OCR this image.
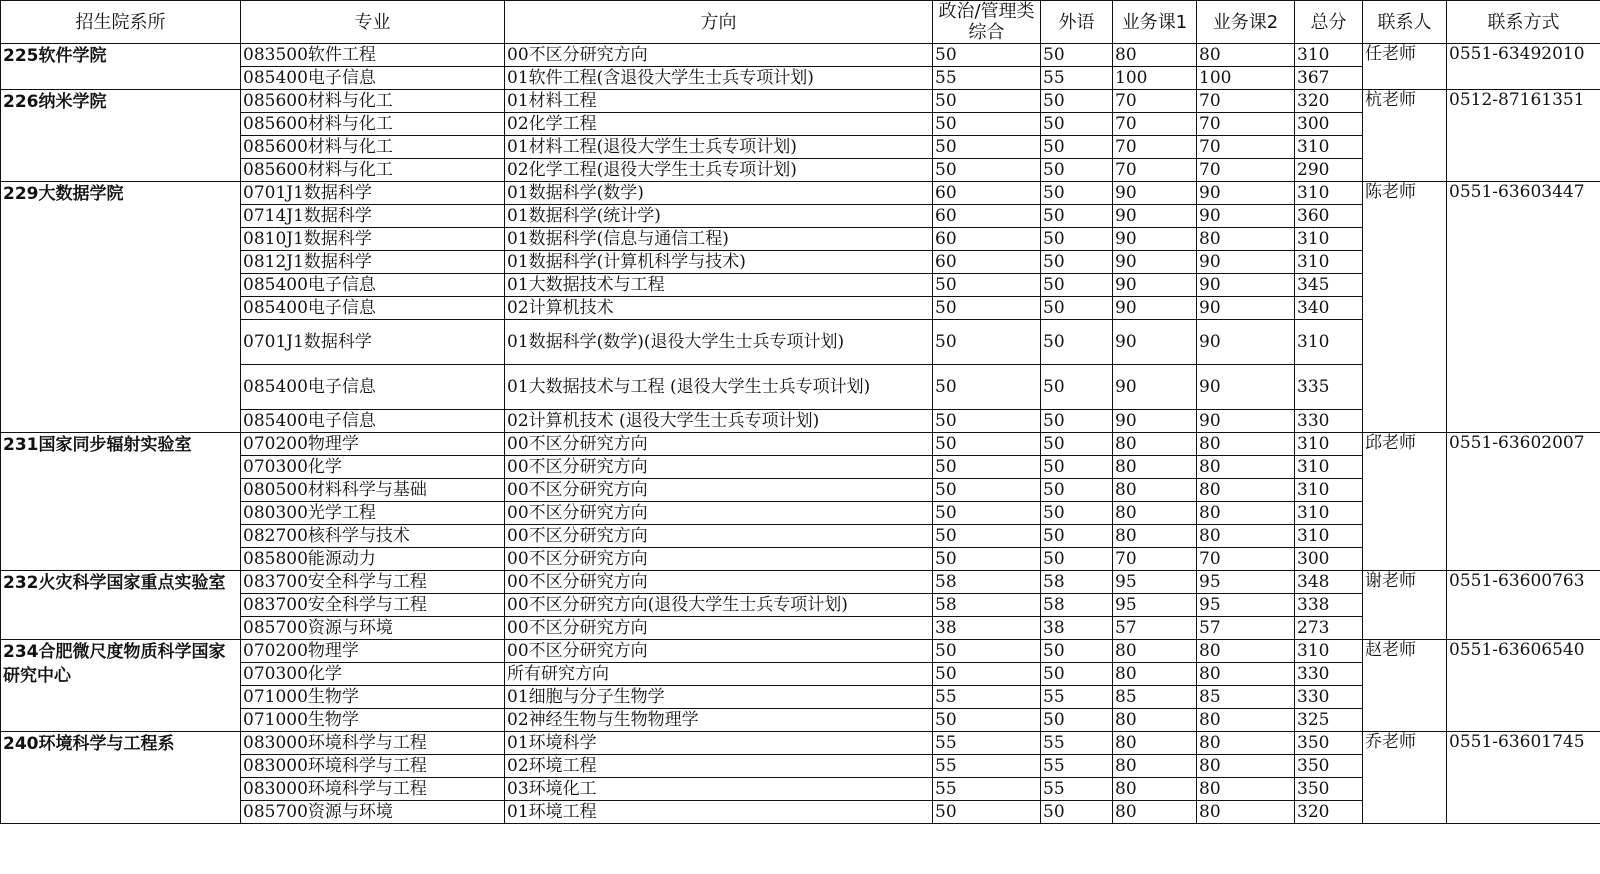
招生院系所	专业	方向	政治/管理类综合	外语	业务课1	业务课2	总分	联系人	联系方式
225软件学院	083500软件工程	00不区分研究方向	50	50	80	80	310	任老师	0551-63492010
	085400电子信息	01软件工程(含退役大学生士兵专项计划)	55	55	100	100	367		
226纳米学院	085600材料与化工	01材料工程	50	50	70	70	320	杭老师	0512-87161351
	085600材料与化工	02化学工程	50	50	70	70	300		
	085600材料与化工	01材料工程(退役大学生士兵专项计划)	50	50	70	70	310		
	085600材料与化工	02化学工程(退役大学生士兵专项计划)	50	50	70	70	290		
229大数据学院	0701J1数据科学	01数据科学(数学)	60	50	90	90	310	陈老师	0551-63603447
	0714J1数据科学	01数据科学(统计学)	60	50	90	90	360		
	0810J1数据科学	01数据科学(信息与通信工程)	60	50	90	80	310		
	0812J1数据科学	01数据科学(计算机科学与技术)	60	50	90	90	310		
	085400电子信息	01大数据技术与工程	50	50	90	90	345		
	085400电子信息	02计算机技术	50	50	90	90	340		
	0701J1数据科学	01数据科学(数学)(退役大学生士兵专项计划)	50	50	90	90	310		
	085400电子信息	01大数据技术与工程 (退役大学生士兵专项计划)	50	50	90	90	335		
	085400电子信息	02计算机技术 (退役大学生士兵专项计划)	50	50	90	90	330		
231国家同步辐射实验室	070200物理学	00不区分研究方向	50	50	80	80	310	邱老师	0551-63602007
	070300化学	00不区分研究方向	50	50	80	80	310		
	080500材料科学与基础	00不区分研究方向	50	50	80	80	310		
	080300光学工程	00不区分研究方向	50	50	80	80	310		
	082700核科学与技术	00不区分研究方向	50	50	80	80	310		
	085800能源动力	00不区分研究方向	50	50	70	70	300		
232火灾科学国家重点实验室	083700安全科学与工程	00不区分研究方向	58	58	95	95	348	谢老师	0551-63600763
	083700安全科学与工程	00不区分研究方向(退役大学生士兵专项计划)	58	58	95	95	338		
	085700资源与环境	00不区分研究方向	38	38	57	57	273		
234合肥微尺度物质科学国家研究中心	070200物理学	00不区分研究方向	50	50	80	80	310	赵老师	0551-63606540
	070300化学	所有研究方向	50	50	80	80	330		
	071000生物学	01细胞与分子生物学	55	55	85	85	330		
	071000生物学	02神经生物与生物物理学	50	50	80	80	325		
240环境科学与工程系	083000环境科学与工程	01环境科学	55	55	80	80	350	乔老师	0551-63601745
	083000环境科学与工程	02环境工程	55	55	80	80	350		
	083000环境科学与工程	03环境化工	55	55	80	80	350		
	085700资源与环境	01环境工程	50	50	80	80	320		
